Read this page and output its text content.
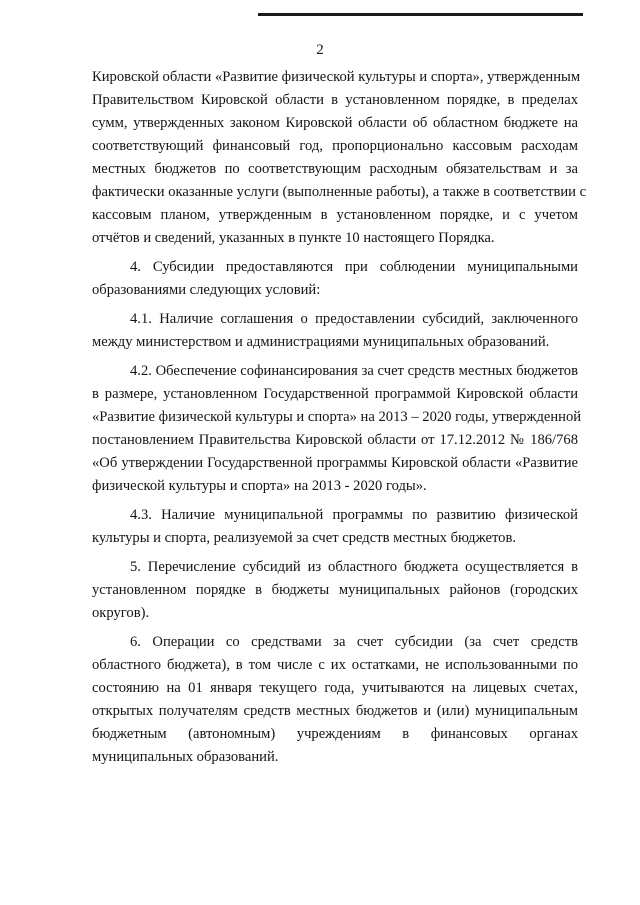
2

Кировской области «Развитие физической культуры и спорта», утвержденным
Правительством Кировской области в установленном порядке, в пределах
сумм, утвержденных законом Кировской области об областном бюджете на
соответствующий финансовый год, пропорционально кассовым расходам
местных бюджетов по соответствующим расходным обязательствам и за
фактически оказанные услуги (выполненные работы), а также в соответствии с
кассовым планом, утвержденным в установленном порядке, и с учетом
отчётов и сведений, указанных в пункте 10 настоящего Порядка.

4. Субсидии предоставляются при соблюдении муниципальными
образованиями следующих условий:

4.1. Наличие соглашения о предоставлении субсидий, заключенного
между министерством и администрациями муниципальных образований.

4.2. Обеспечение софинансирования за счет средств местных бюджетов
в размере, установленном Государственной программой Кировской области
«Развитие физической культуры и спорта» на 2013 – 2020 годы, утвержденной
постановлением Правительства Кировской области от 17.12.2012 № 186/768
«Об утверждении Государственной программы Кировской области «Развитие
физической культуры и спорта» на 2013 - 2020 годы».

4.3. Наличие муниципальной программы по развитию физической
культуры и спорта, реализуемой за счет средств местных бюджетов.

5. Перечисление субсидий из областного бюджета осуществляется в
установленном порядке в бюджеты муниципальных районов (городских
округов).

6. Операции со средствами за счет субсидии (за счет средств
областного бюджета), в том числе с их остатками, не использованными по
состоянию на 01 января текущего года, учитываются на лицевых счетах,
открытых получателям средств местных бюджетов и (или) муниципальным
бюджетным (автономным) учреждениям в финансовых органах
муниципальных образований.
